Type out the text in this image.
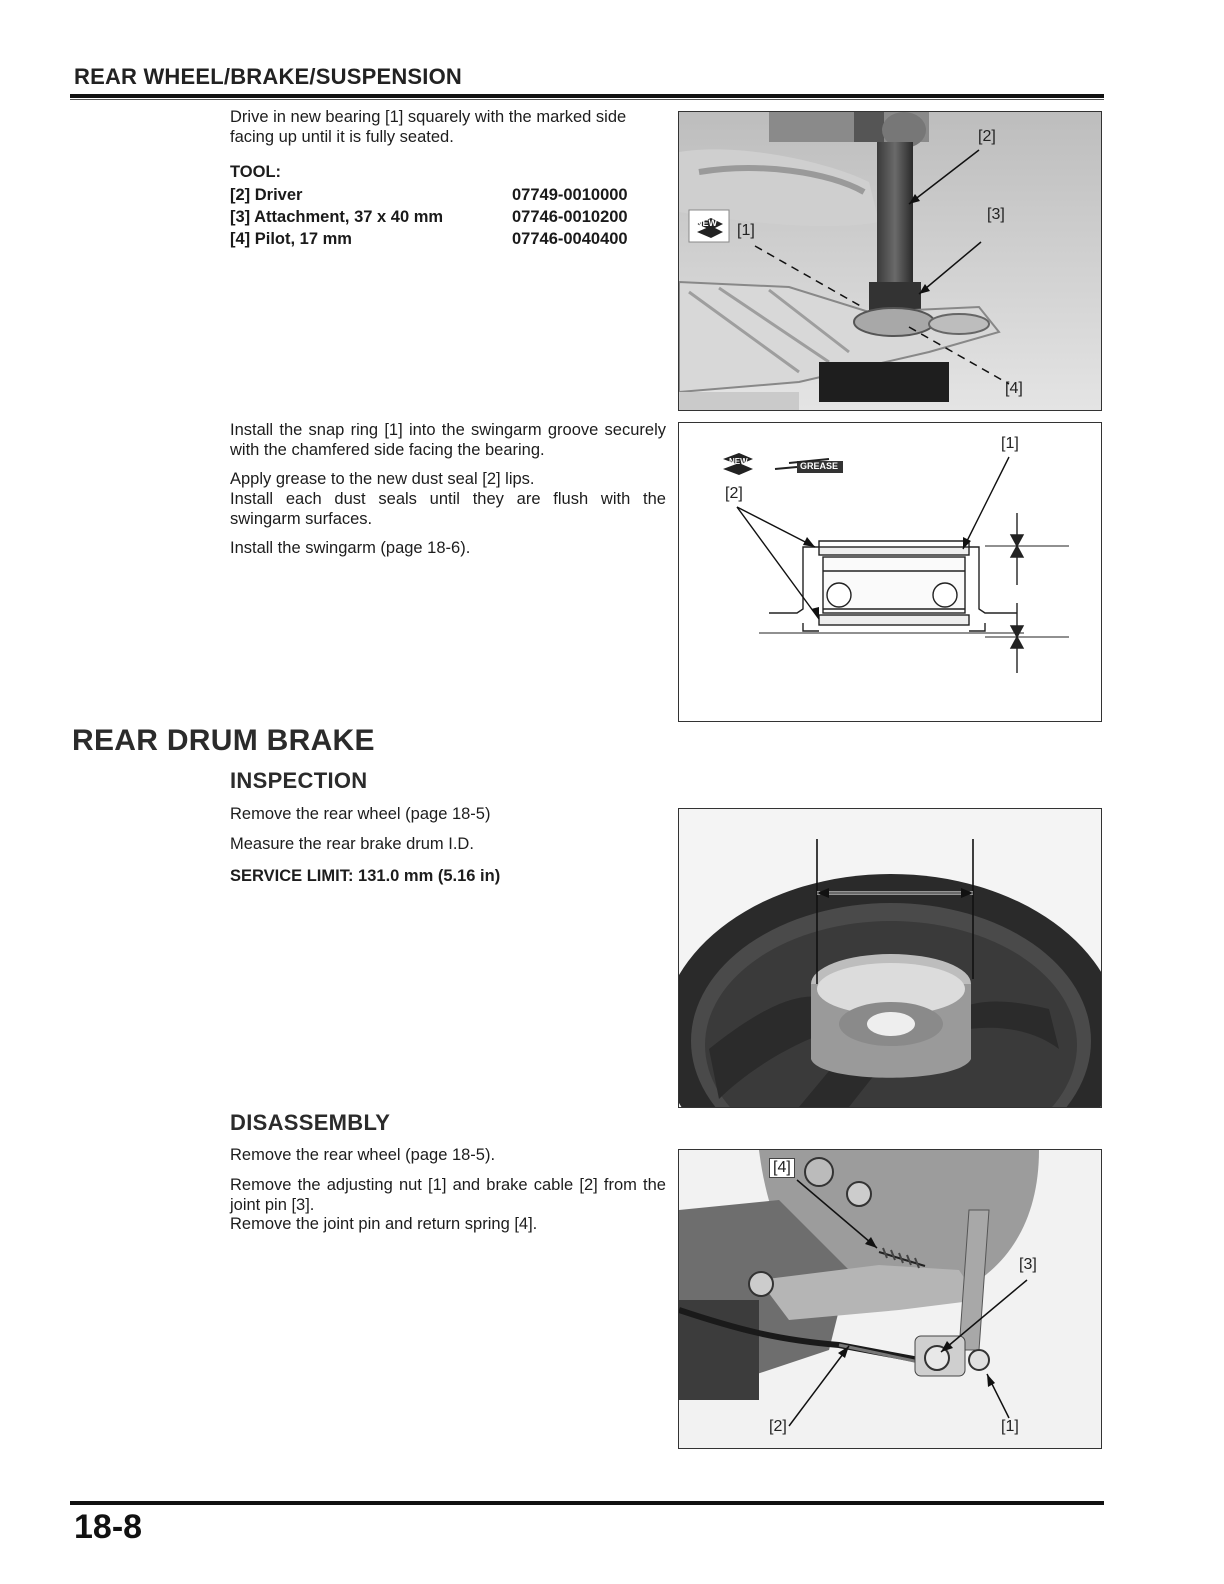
REAR WHEEL/BRAKE/SUSPENSION
Drive in new bearing [1] squarely with the marked side facing up until it is fully seated.
TOOL:
[2] Driver	07749-0010000
[3] Attachment, 37 x 40 mm	07746-0010200
[4] Pilot, 17 mm	07746-0040400
[2]
[3]
[1]
[4]
NEW
Install the snap ring [1] into the swingarm groove securely with the chamfered side facing the bearing.
Apply grease to the new dust seal [2] lips.
Install each dust seals until they are flush with the swingarm surfaces.
Install the swingarm (page 18-6).
[1]
[2]
NEW	GREASE
REAR DRUM BRAKE
INSPECTION
Remove the rear wheel (page 18-5)
Measure the rear brake drum I.D.
SERVICE LIMIT: 131.0 mm (5.16 in)
DISASSEMBLY
Remove the rear wheel (page 18-5).
Remove the adjusting nut [1] and brake cable [2] from the joint pin [3].
Remove the joint pin and return spring [4].
[4]
[3]
[2]	[1]
18-8
